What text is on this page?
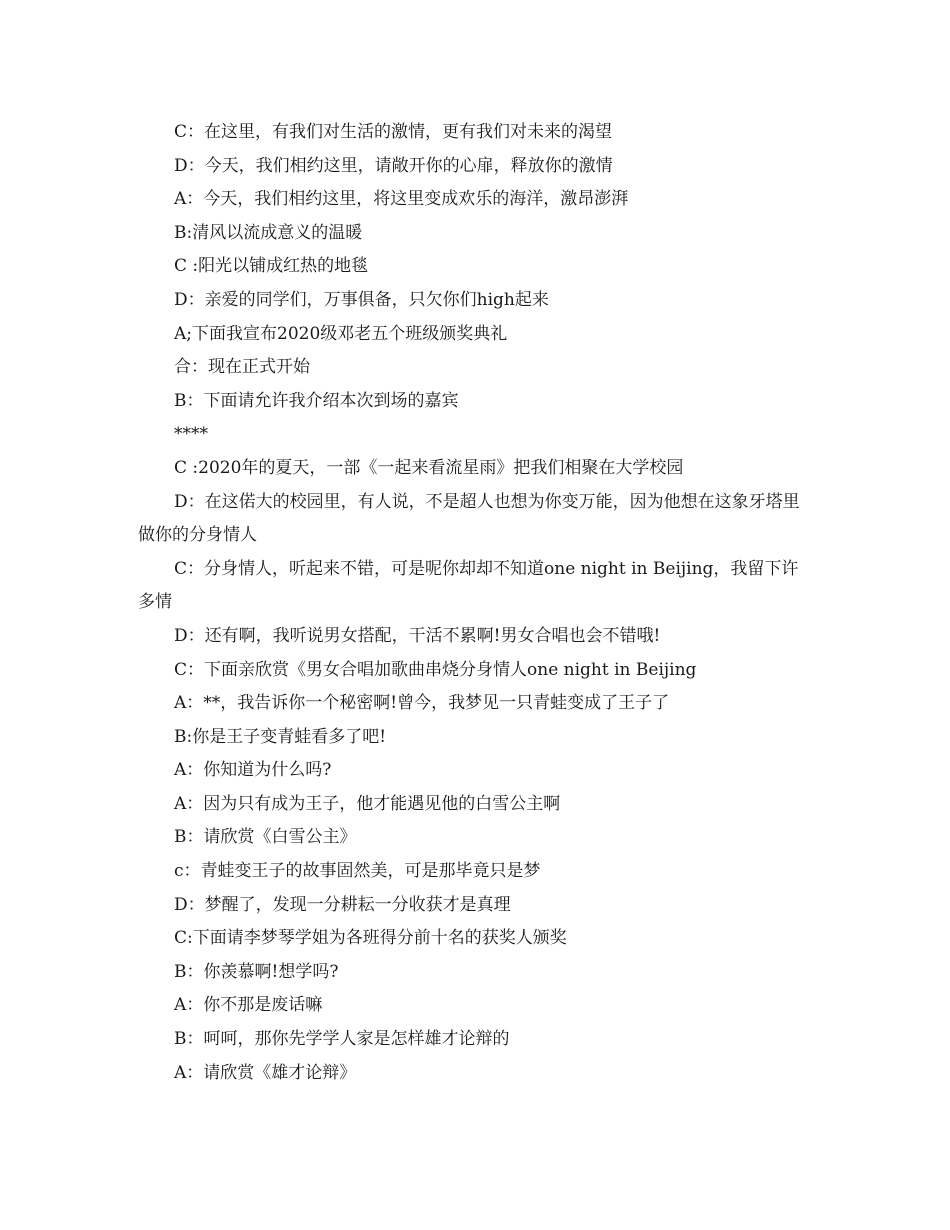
C：在这里，有我们对生活的激情，更有我们对未来的渴望

D：今天，我们相约这里，请敞开你的心扉，释放你的激情

A：今天，我们相约这里，将这里变成欢乐的海洋，激昂澎湃

B:清风以流成意义的温暖

C :阳光以铺成红热的地毯

D：亲爱的同学们，万事俱备，只欠你们high起来

A;下面我宣布2020级邓老五个班级颁奖典礼

合：现在正式开始

B：下面请允许我介绍本次到场的嘉宾

****

C :2020年的夏天，一部《一起来看流星雨》把我们相聚在大学校园

D：在这偌大的校园里，有人说，不是超人也想为你变万能，因为他想在这象牙塔里做你的分身情人

C：分身情人，听起来不错，可是呢你却却不知道one night in Beijing，我留下许多情

D：还有啊，我听说男女搭配，干活不累啊!男女合唱也会不错哦!

C：下面亲欣赏《男女合唱加歌曲串烧分身情人one night in Beijing

A：**，我告诉你一个秘密啊!曾今，我梦见一只青蛙变成了王子了

B:你是王子变青蛙看多了吧!

A：你知道为什么吗?

A：因为只有成为王子，他才能遇见他的白雪公主啊

B：请欣赏《白雪公主》

c：青蛙变王子的故事固然美，可是那毕竟只是梦

D：梦醒了，发现一分耕耘一分收获才是真理

C:下面请李梦琴学姐为各班得分前十名的获奖人颁奖

B：你羡慕啊!想学吗?

A：你不那是废话嘛

B：呵呵，那你先学学人家是怎样雄才论辩的

A：请欣赏《雄才论辩》
